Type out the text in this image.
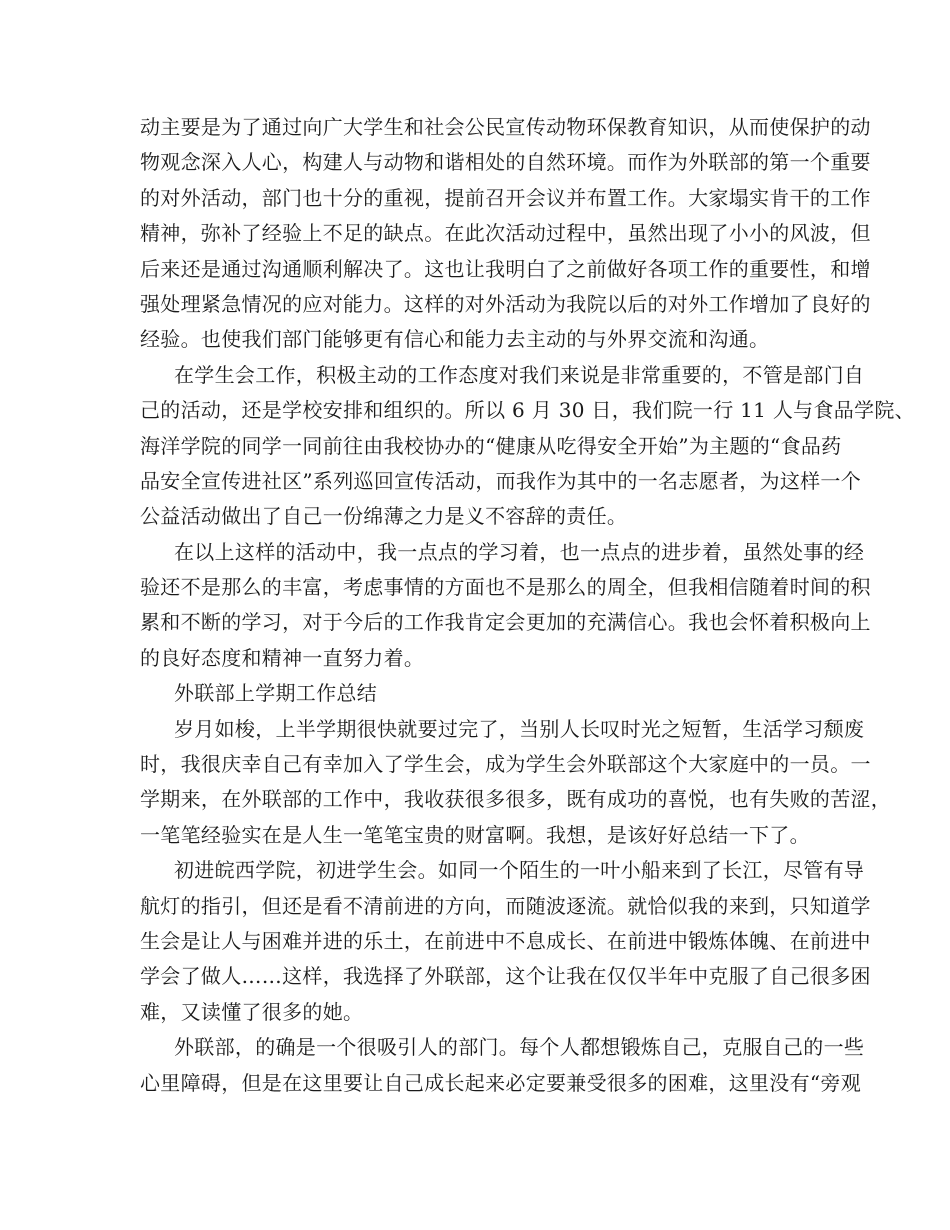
动主要是为了通过向广大学生和社会公民宣传动物环保教育知识，从而使保护的动
物观念深入人心，构建人与动物和谐相处的自然环境。而作为外联部的第一个重要
的对外活动，部门也十分的重视，提前召开会议并布置工作。大家塌实肯干的工作
精神，弥补了经验上不足的缺点。在此次活动过程中，虽然出现了小小的风波，但
后来还是通过沟通顺利解决了。这也让我明白了之前做好各项工作的重要性，和增
强处理紧急情况的应对能力。这样的对外活动为我院以后的对外工作增加了良好的
经验。也使我们部门能够更有信心和能力去主动的与外界交流和沟通。
在学生会工作，积极主动的工作态度对我们来说是非常重要的，不管是部门自
己的活动，还是学校安排和组织的。所以 6 月 30 日，我们院一行 11 人与食品学院、
海洋学院的同学一同前往由我校协办的“健康从吃得安全开始”为主题的“食品药
品安全宣传进社区”系列巡回宣传活动，而我作为其中的一名志愿者，为这样一个
公益活动做出了自己一份绵薄之力是义不容辞的责任。
在以上这样的活动中，我一点点的学习着，也一点点的进步着，虽然处事的经
验还不是那么的丰富，考虑事情的方面也不是那么的周全，但我相信随着时间的积
累和不断的学习，对于今后的工作我肯定会更加的充满信心。我也会怀着积极向上
的良好态度和精神一直努力着。
外联部上学期工作总结
岁月如梭，上半学期很快就要过完了，当别人长叹时光之短暂，生活学习颓废
时，我很庆幸自己有幸加入了学生会，成为学生会外联部这个大家庭中的一员。一
学期来，在外联部的工作中，我收获很多很多，既有成功的喜悦，也有失败的苦涩，
一笔笔经验实在是人生一笔笔宝贵的财富啊。我想，是该好好总结一下了。
初进皖西学院，初进学生会。如同一个陌生的一叶小船来到了长江，尽管有导
航灯的指引，但还是看不清前进的方向，而随波逐流。就恰似我的来到，只知道学
生会是让人与困难并进的乐土，在前进中不息成长、在前进中锻炼体魄、在前进中
学会了做人……这样，我选择了外联部，这个让我在仅仅半年中克服了自己很多困
难，又读懂了很多的她。
外联部，的确是一个很吸引人的部门。每个人都想锻炼自己，克服自己的一些
心里障碍，但是在这里要让自己成长起来必定要兼受很多的困难，这里没有“旁观
